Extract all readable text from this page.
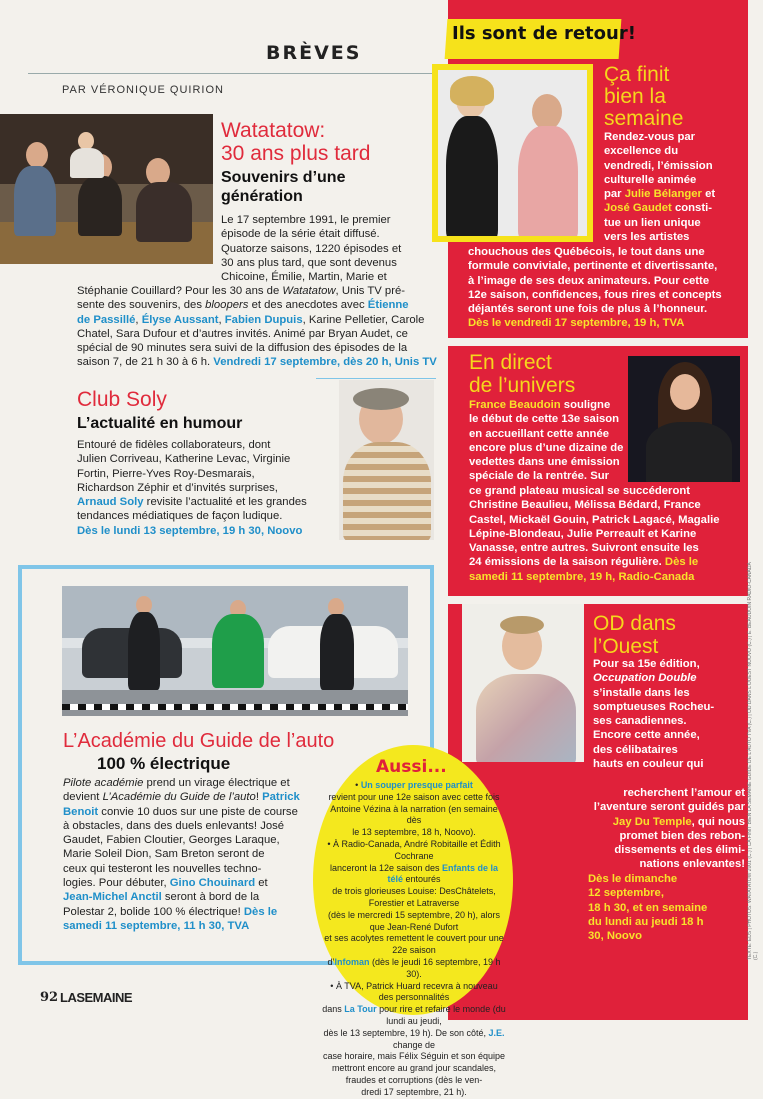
BRÈVES
PAR VÉRONIQUE QUIRION
Ils sont de retour!
Watatatow:
30 ans plus tard
Souvenirs d’une
génération
Le 17 septembre 1991, le premier
épisode de la série était diffusé.
Quatorze saisons, 1220 épisodes et
30 ans plus tard, que sont devenus
Chicoine, Émilie, Martin, Marie et
Stéphanie Couillard? Pour les 30 ans de Watatatow, Unis TV pré-
sente des souvenirs, des bloopers et des anecdotes avec Étienne
de Passillé, Élyse Aussant, Fabien Dupuis, Karine Pelletier, Carole
Chatel, Sara Dufour et d’autres invités. Animé par Bryan Audet, ce
spécial de 90 minutes sera suivi de la diffusion des épisodes de la
saison 7, de 21 h 30 à 6 h. Vendredi 17 septembre, dès 20 h, Unis TV
Club Soly
L’actualité en humour
Entouré de fidèles collaborateurs, dont
Julien Corriveau, Katherine Levac, Virginie
Fortin, Pierre-Yves Roy-Desmarais,
Richardson Zéphir et d’invités surprises,
Arnaud Soly revisite l’actualité et les grandes
tendances médiatiques de façon ludique.
Dès le lundi 13 septembre, 19 h 30, Noovo
L’Académie du Guide de l’auto
100 % électrique
Pilote académie prend un virage électrique et
devient L’Académie du Guide de l’auto! Patrick
Benoit convie 10 duos sur une piste de course
à obstacles, dans des duels enlevants! José
Gaudet, Fabien Cloutier, Georges Laraque,
Marie Soleil Dion, Sam Breton seront de
ceux qui testeront les nouvelles techno-
logies. Pour débuter, Gino Chouinard et
Jean-Michel Anctil seront à bord de la
Polestar 2, bolide 100 % électrique! Dès le
samedi 11 septembre, 11 h 30, TVA
Ça finit
bien la
semaine
Rendez-vous par
excellence du
vendredi, l’émission
culturelle animée
par Julie Bélanger et
José Gaudet consti-
tue un lien unique
vers les artistes
chouchous des Québécois, le tout dans une
formule conviviale, pertinente et divertissante,
à l’image de ses deux animateurs. Pour cette
12e saison, confidences, fous rires et concepts
déjantés seront une fois de plus à l’honneur.
Dès le vendredi 17 septembre, 19 h, TVA
En direct
de l’univers
France Beaudoin souligne
le début de cette 13e saison
en accueillant cette année
encore plus d’une dizaine de
vedettes dans une émission
spéciale de la rentrée. Sur
ce grand plateau musical se succéderont
Christine Beaulieu, Mélissa Bédard, France
Castel, Mickaël Gouin, Patrick Lagacé, Magalie
Lépine-Blondeau, Julie Perreault et Karine
Vanasse, entre autres. Suivront ensuite les
24 émissions de la saison régulière. Dès le
samedi 11 septembre, 19 h, Radio-Canada
OD dans
l’Ouest
Pour sa 15e édition,
Occupation Double
s’installe dans les
somptueuses Rocheu-
ses canadiennes.
Encore cette année,
des célibataires
hauts en couleur qui
recherchent l’amour et
l’aventure seront guidés par
Jay Du Temple, qui nous
promet bien des rebon-
dissements et des élimi-
nations enlevantes!
Dès le dimanche
12 septembre,
18 h 30, et en semaine
du lundi au jeudi 18 h
30, Noovo
Aussi...
• Un souper presque parfait
revient pour une 12e saison avec cette fois
Antoine Vézina à la narration (en semaine dès
le 13 septembre, 18 h, Noovo).
• À Radio-Canada, André Robitaille et Édith Cochrane
lanceront la 12e saison des Enfants de la télé entourés
de trois glorieuses Louise: DesChâtelets, Forestier et Latraverse
(dès le mercredi 15 septembre, 20 h), alors que Jean-René Dufort
et ses acolytes remettent le couvert pour une 22e saison
d’Infoman (dès le jeudi 16 septembre, 19 h 30).
• À TVA, Patrick Huard recevra à nouveau des personnalités
dans La Tour pour rire et refaire le monde (du lundi au jeudi,
dès le 13 septembre, 19 h). De son côté, J.E. change de
case horaire, mais Félix Séguin et son équipe
mettront encore au grand jour scandales,
fraudes et corruptions (dès le ven-
dredi 17 septembre, 21 h).
TEXTE: ÉDS | PHOTOS: WATATATOW 2001 (C.) | CA FINIT BIEN LA SEMAINE GUIDE DE L'AUTO TVA (C.) | OD DANS L'OUEST NOOVO (C.) | E. BEAUDOIN RADIO-CANADA (C.)
92 LASEMAINE
